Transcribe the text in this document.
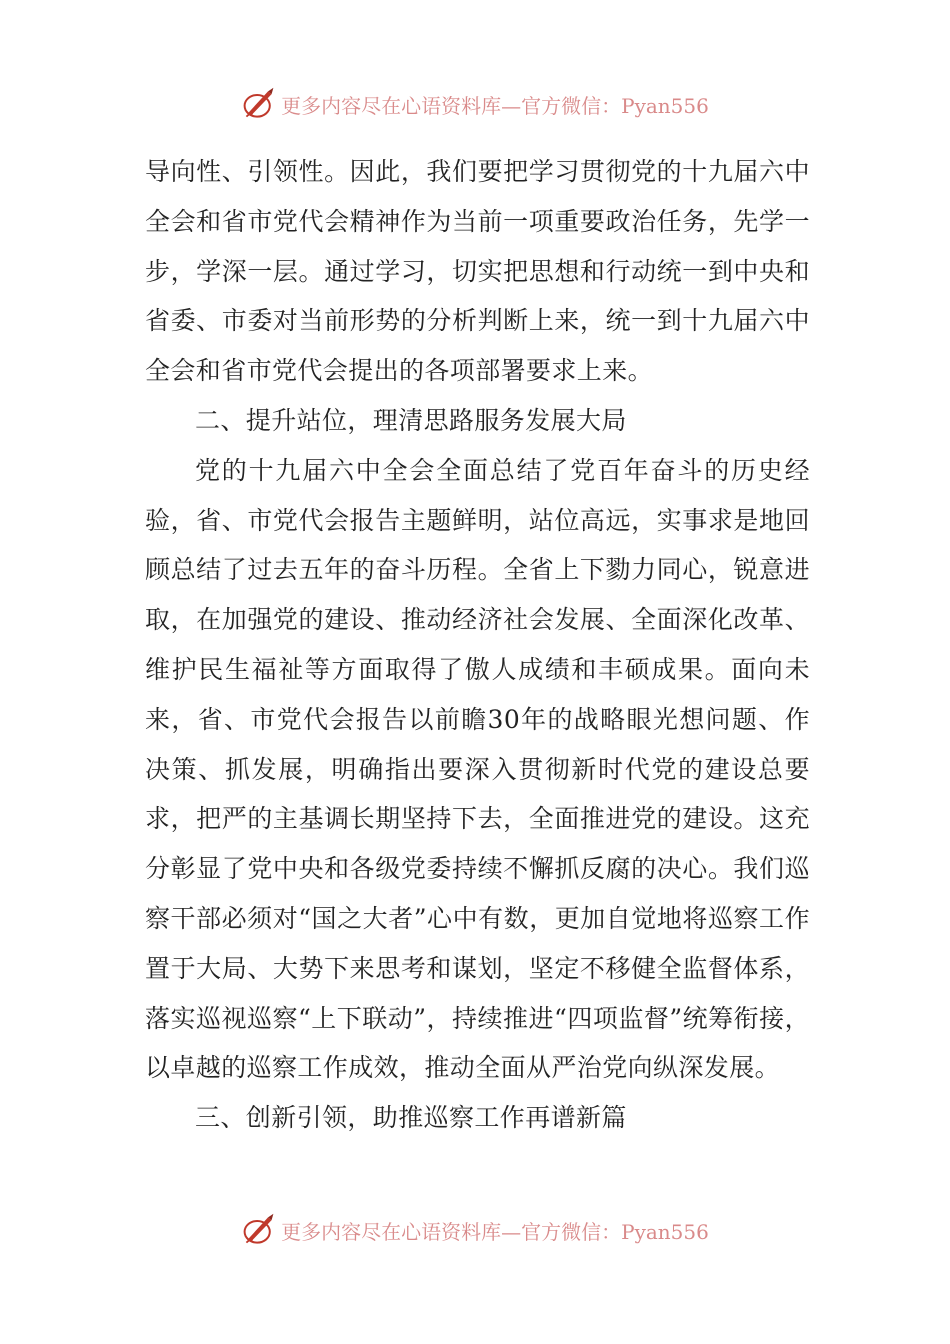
更多内容尽在心语资料库—官方微信：Pyan556

导向性、引领性。因此，我们要把学习贯彻党的十九届六中全会和省市党代会精神作为当前一项重要政治任务，先学一步，学深一层。通过学习，切实把思想和行动统一到中央和省委、市委对当前形势的分析判断上来，统一到十九届六中全会和省市党代会提出的各项部署要求上来。

二、提升站位，理清思路服务发展大局

党的十九届六中全会全面总结了党百年奋斗的历史经验，省、市党代会报告主题鲜明，站位高远，实事求是地回顾总结了过去五年的奋斗历程。全省上下勠力同心，锐意进取，在加强党的建设、推动经济社会发展、全面深化改革、维护民生福祉等方面取得了傲人成绩和丰硕成果。面向未来，省、市党代会报告以前瞻30年的战略眼光想问题、作决策、抓发展，明确指出要深入贯彻新时代党的建设总要求，把严的主基调长期坚持下去，全面推进党的建设。这充分彰显了党中央和各级党委持续不懈抓反腐的决心。我们巡察干部必须对“国之大者”心中有数，更加自觉地将巡察工作置于大局、大势下来思考和谋划，坚定不移健全监督体系，落实巡视巡察“上下联动”，持续推进“四项监督”统筹衔接，以卓越的巡察工作成效，推动全面从严治党向纵深发展。

三、创新引领，助推巡察工作再谱新篇

更多内容尽在心语资料库—官方微信：Pyan556
